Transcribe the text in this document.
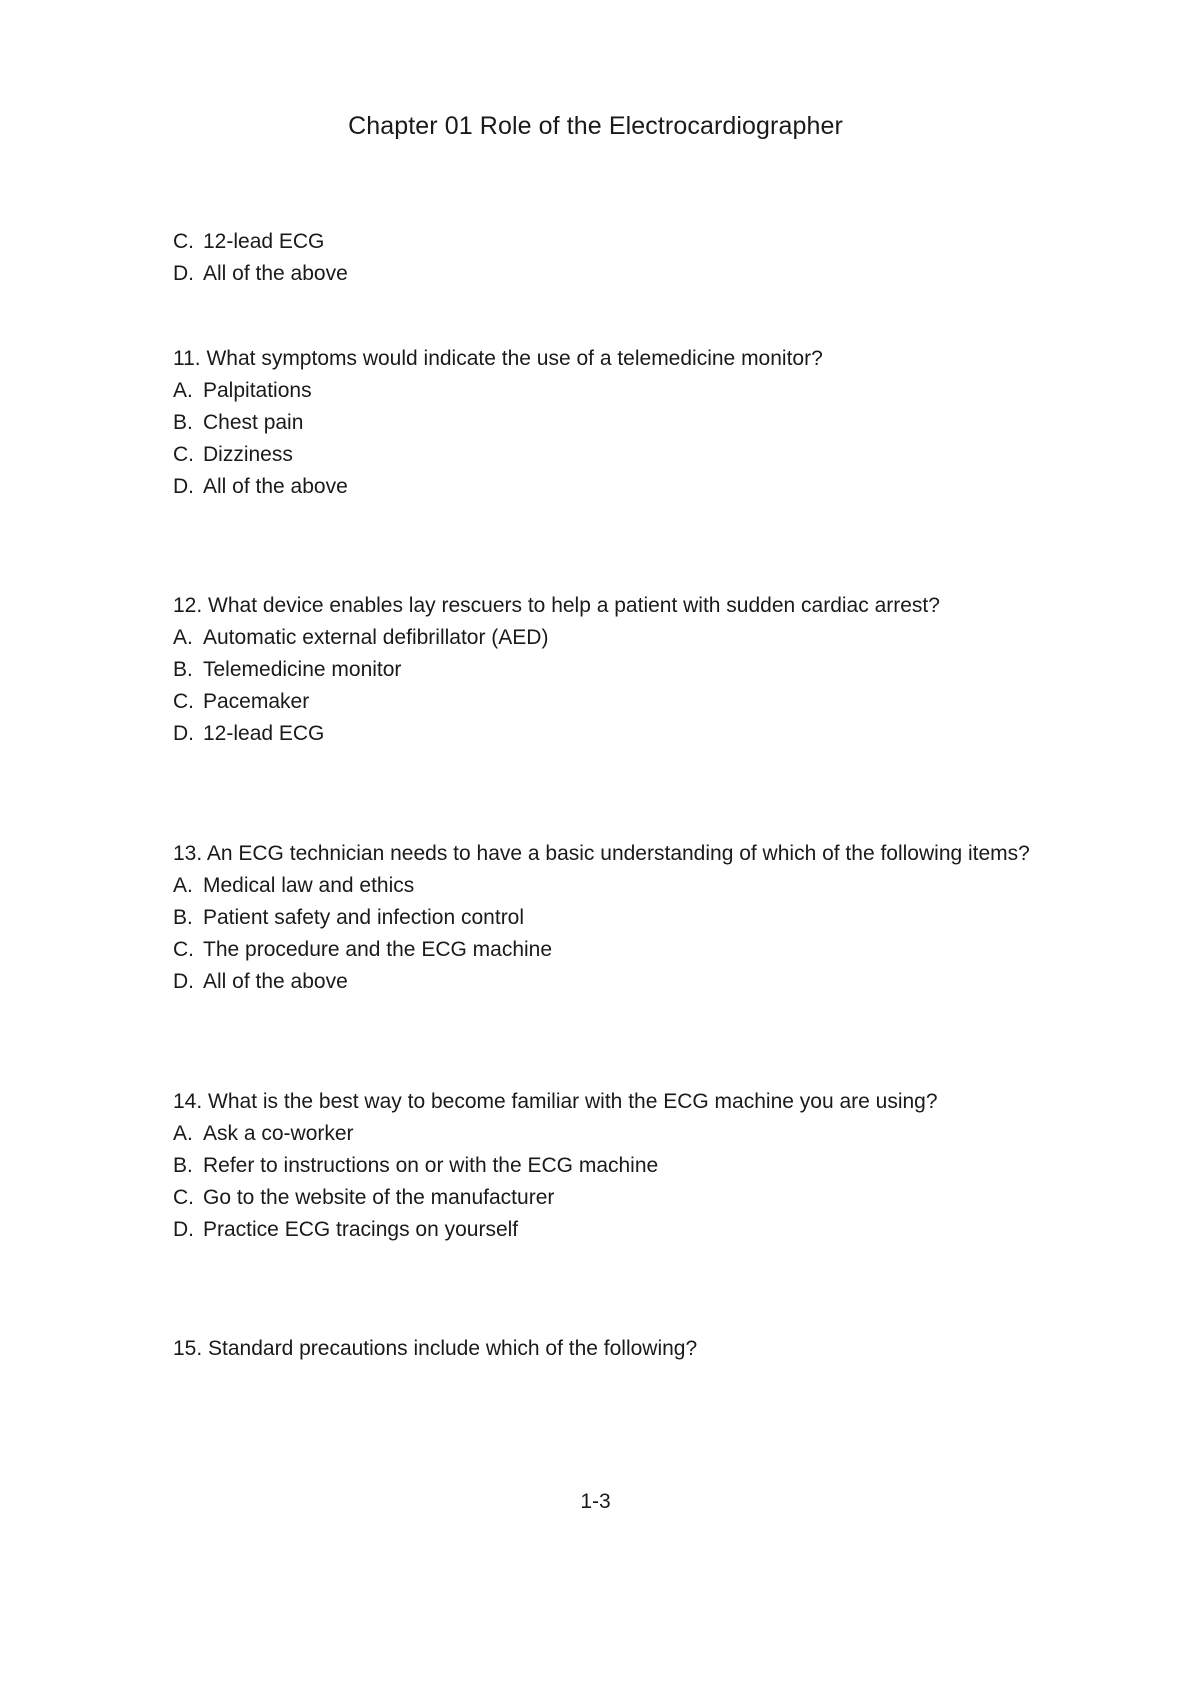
Chapter 01 Role of the Electrocardiographer
C. 12-lead ECG
D. All of the above
11. What symptoms would indicate the use of a telemedicine monitor?
A. Palpitations
B. Chest pain
C. Dizziness
D. All of the above
12. What device enables lay rescuers to help a patient with sudden cardiac arrest?
A. Automatic external defibrillator (AED)
B. Telemedicine monitor
C. Pacemaker
D. 12-lead ECG
13. An ECG technician needs to have a basic understanding of which of the following items?
A. Medical law and ethics
B. Patient safety and infection control
C. The procedure and the ECG machine
D. All of the above
14. What is the best way to become familiar with the ECG machine you are using?
A. Ask a co-worker
B. Refer to instructions on or with the ECG machine
C. Go to the website of the manufacturer
D. Practice ECG tracings on yourself
15. Standard precautions include which of the following?
1-3
